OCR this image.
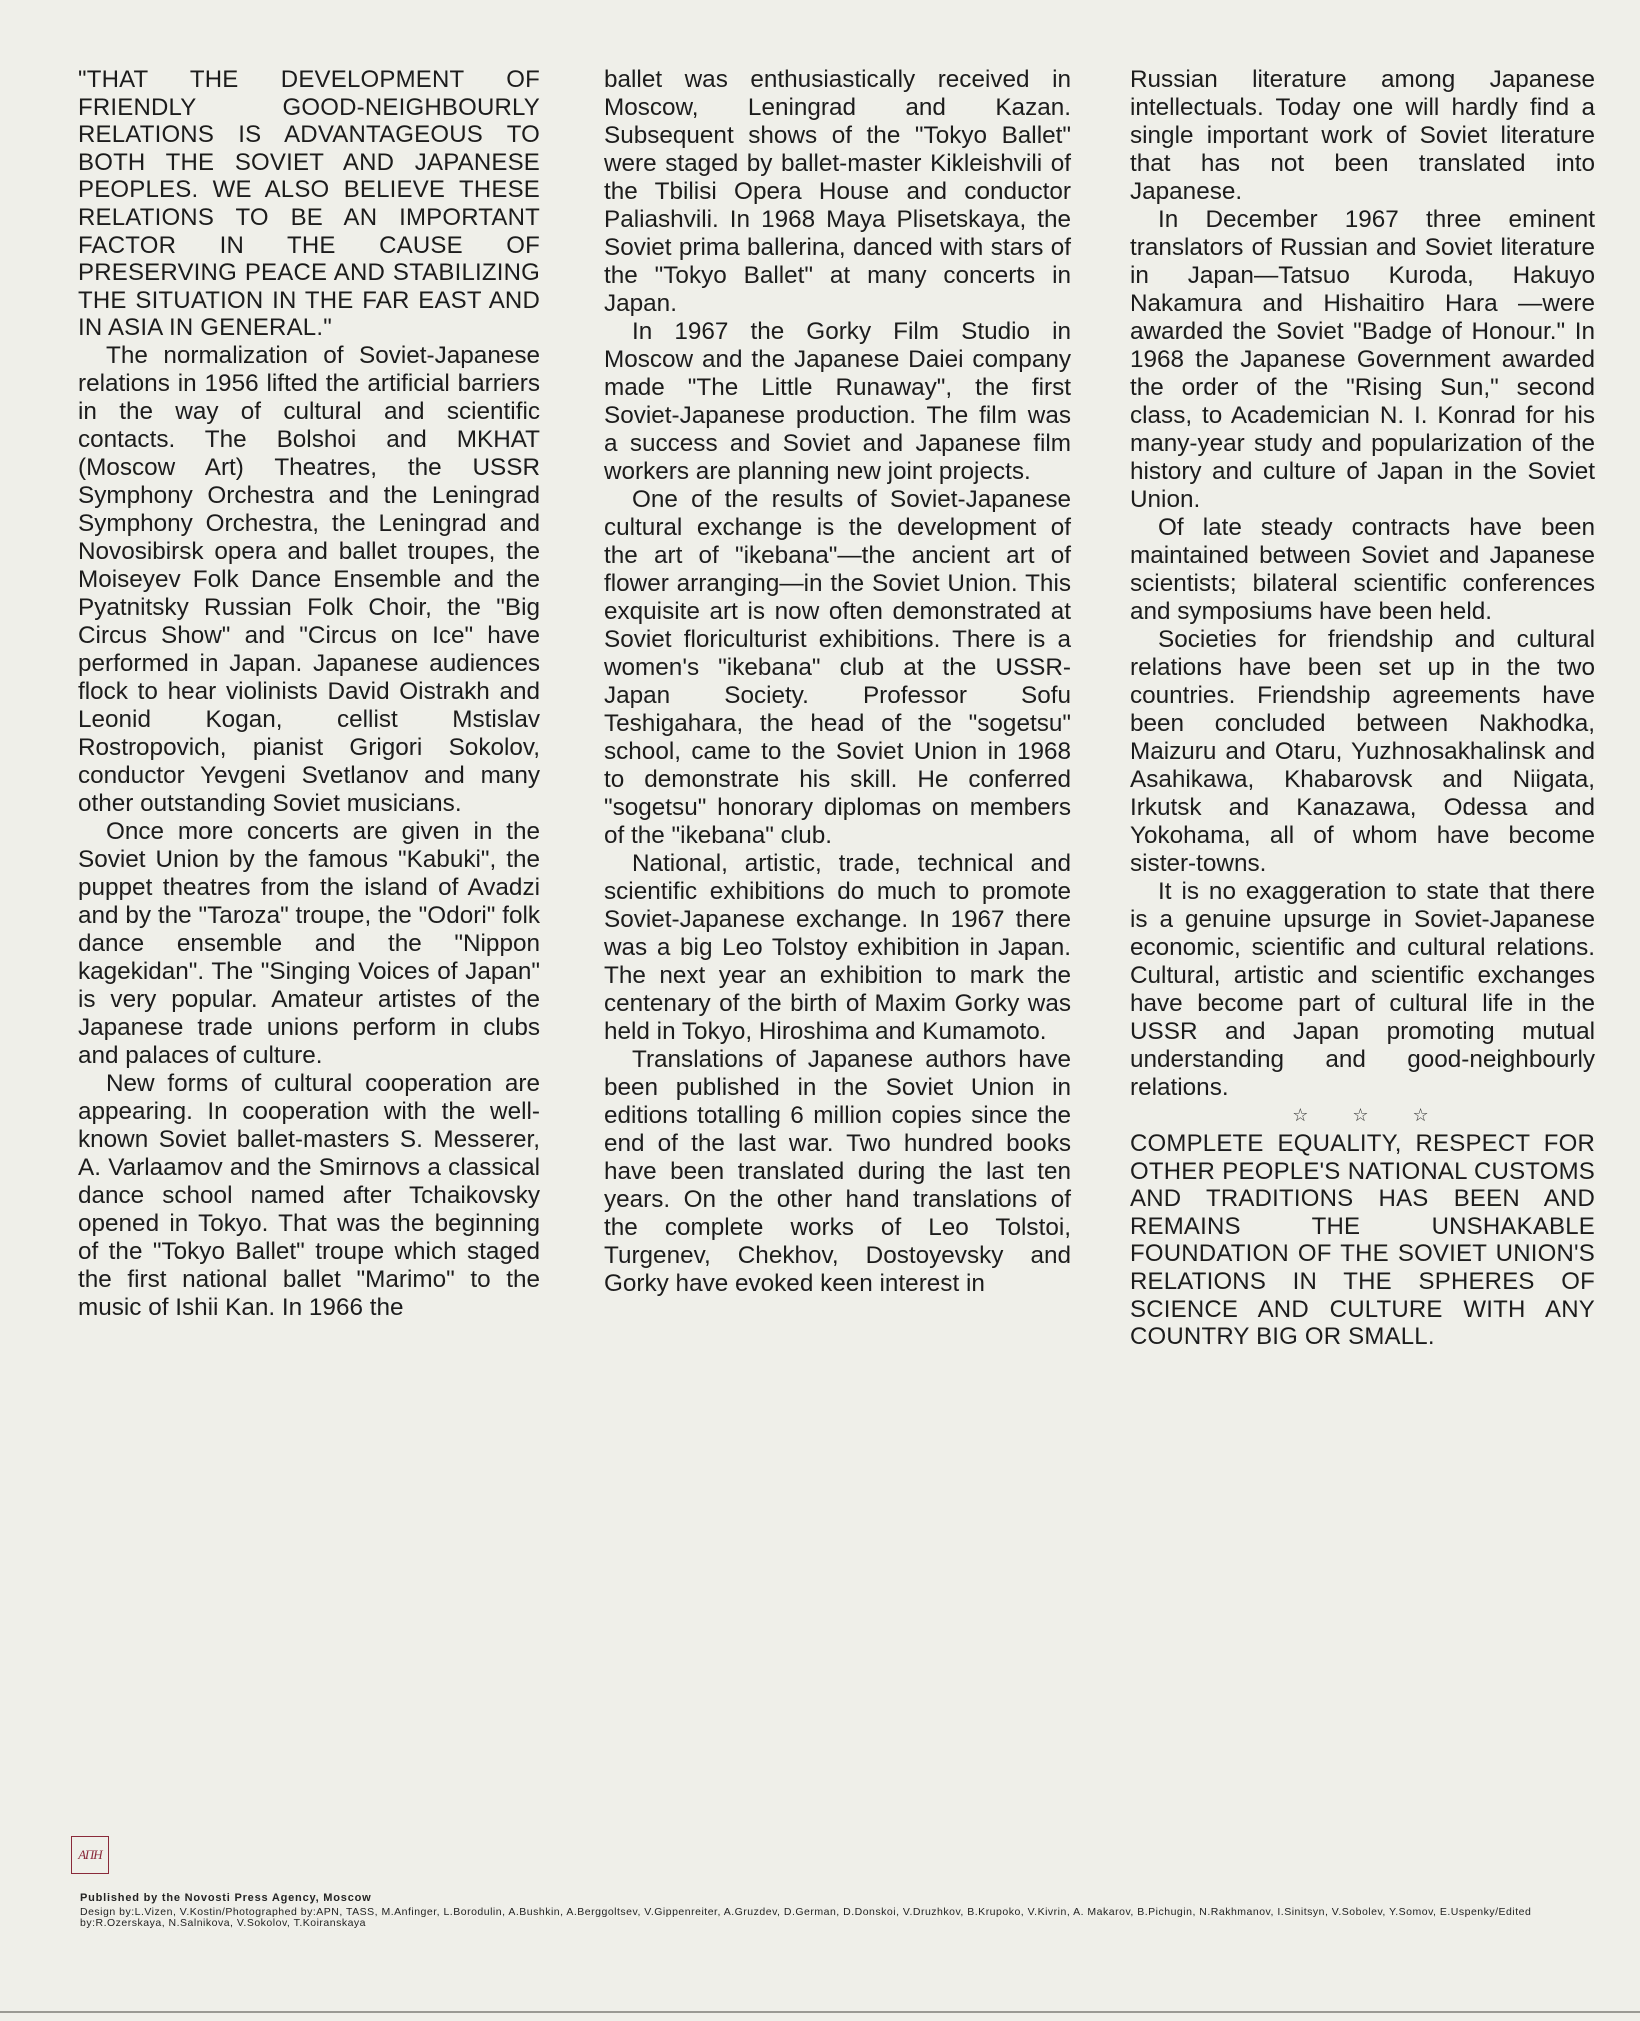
"THAT THE DEVELOPMENT OF FRIENDLY GOOD-NEIGHBOURLY RELATIONS IS ADVANTAGEOUS TO BOTH THE SOVIET AND JAPANESE PEOPLES. WE ALSO BELIEVE THESE RELATIONS TO BE AN IMPORTANT FACTOR IN THE CAUSE OF PRESERVING PEACE AND STABILIZING THE SITUATION IN THE FAR EAST AND IN ASIA IN GENERAL."

The normalization of Soviet-Japanese relations in 1956 lifted the artificial barriers in the way of cultural and scientific contacts. The Bolshoi and MKHAT (Moscow Art) Theatres, the USSR Symphony Orchestra and the Leningrad Symphony Orchestra, the Leningrad and Novosibirsk opera and ballet troupes, the Moiseyev Folk Dance Ensemble and the Pyatnitsky Russian Folk Choir, the "Big Circus Show" and "Circus on Ice" have performed in Japan. Japanese audiences flock to hear violinists David Oistrakh and Leonid Kogan, cellist Mstislav Rostropovich, pianist Grigori Sokolov, conductor Yevgeni Svetlanov and many other outstanding Soviet musicians.

Once more concerts are given in the Soviet Union by the famous "Kabuki", the puppet theatres from the island of Avadzi and by the "Taroza" troupe, the "Odori" folk dance ensemble and the "Nippon kagekidan". The "Singing Voices of Japan" is very popular. Amateur artistes of the Japanese trade unions perform in clubs and palaces of culture.

New forms of cultural cooperation are appearing. In cooperation with the well-known Soviet ballet-masters S. Messerer, A. Varlaamov and the Smirnovs a classical dance school named after Tchaikovsky opened in Tokyo. That was the beginning of the "Tokyo Ballet" troupe which staged the first national ballet "Marimo" to the music of Ishii Kan. In 1966 the

ballet was enthusiastically received in Moscow, Leningrad and Kazan. Subsequent shows of the "Tokyo Ballet" were staged by ballet-master Kikleishvili of the Tbilisi Opera House and conductor Paliashvili. In 1968 Maya Plisetskaya, the Soviet prima ballerina, danced with stars of the "Tokyo Ballet" at many concerts in Japan.

In 1967 the Gorky Film Studio in Moscow and the Japanese Daiei company made "The Little Runaway", the first Soviet-Japanese production. The film was a success and Soviet and Japanese film workers are planning new joint projects.

One of the results of Soviet-Japanese cultural exchange is the development of the art of "ikebana"—the ancient art of flower arranging—in the Soviet Union. This exquisite art is now often demonstrated at Soviet floriculturist exhibitions. There is a women's "ikebana" club at the USSR-Japan Society. Professor Sofu Teshigahara, the head of the "sogetsu" school, came to the Soviet Union in 1968 to demonstrate his skill. He conferred "sogetsu" honorary diplomas on members of the "ikebana" club.

National, artistic, trade, technical and scientific exhibitions do much to promote Soviet-Japanese exchange. In 1967 there was a big Leo Tolstoy exhibition in Japan. The next year an exhibition to mark the centenary of the birth of Maxim Gorky was held in Tokyo, Hiroshima and Kumamoto.

Translations of Japanese authors have been published in the Soviet Union in editions totalling 6 million copies since the end of the last war. Two hundred books have been translated during the last ten years. On the other hand translations of the complete works of Leo Tolstoi, Turgenev, Chekhov, Dostoyevsky and Gorky have evoked keen interest in

Russian literature among Japanese intellectuals. Today one will hardly find a single important work of Soviet literature that has not been translated into Japanese.

In December 1967 three eminent translators of Russian and Soviet literature in Japan—Tatsuo Kuroda, Hakuyo Nakamura and Hishaitiro Hara —were awarded the Soviet "Badge of Honour." In 1968 the Japanese Government awarded the order of the "Rising Sun," second class, to Academician N. I. Konrad for his many-year study and popularization of the history and culture of Japan in the Soviet Union.

Of late steady contracts have been maintained between Soviet and Japanese scientists; bilateral scientific conferences and symposiums have been held.

Societies for friendship and cultural relations have been set up in the two countries. Friendship agreements have been concluded between Nakhodka, Maizuru and Otaru, Yuzhnosakhalinsk and Asahikawa, Khabarovsk and Niigata, Irkutsk and Kanazawa, Odessa and Yokohama, all of whom have become sister-towns.

It is no exaggeration to state that there is a genuine upsurge in Soviet-Japanese economic, scientific and cultural relations. Cultural, artistic and scientific exchanges have become part of cultural life in the USSR and Japan promoting mutual understanding and good-neighbourly relations.

☆☆☆

COMPLETE EQUALITY, RESPECT FOR OTHER PEOPLE'S NATIONAL CUSTOMS AND TRADITIONS HAS BEEN AND REMAINS THE UNSHAKABLE FOUNDATION OF THE SOVIET UNION'S RELATIONS IN THE SPHERES OF SCIENCE AND CULTURE WITH ANY COUNTRY BIG OR SMALL.

АПН
Published by the Novosti Press Agency, Moscow
Design by:L.Vizen, V.Kostin/Photographed by:APN, TASS, M.Anfinger, L.Borodulin, A.Bushkin, A.Berggoltsev, V.Gippenreiter, A.Gruzdev, D.German, D.Donskoi, V.Druzhkov, B.Krupoko, V.Kivrin, A. Makarov, B.Pichugin, N.Rakhmanov, I.Sinitsyn, V.Sobolev, Y.Somov, E.Uspenky/Edited by:R.Ozerskaya, N.Salnikova, V.Sokolov, T.Koiranskaya
